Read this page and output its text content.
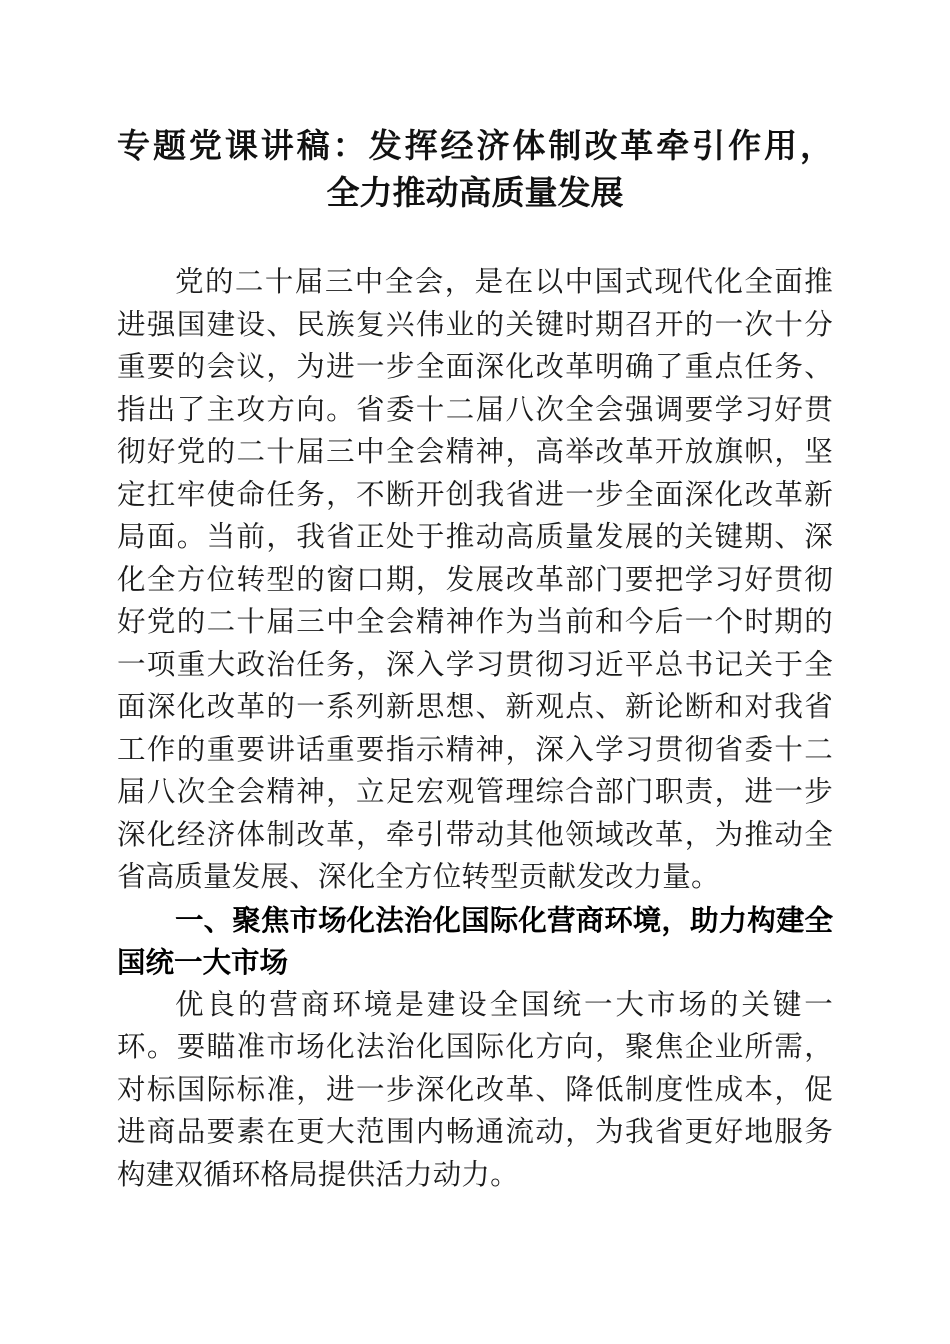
专题党课讲稿：发挥经济体制改革牵引作用，
全力推动高质量发展

党的二十届三中全会，是在以中国式现代化全面推进强国建设、民族复兴伟业的关键时期召开的一次十分重要的会议，为进一步全面深化改革明确了重点任务、指出了主攻方向。省委十二届八次全会强调要学习好贯彻好党的二十届三中全会精神，高举改革开放旗帜，坚定扛牢使命任务，不断开创我省进一步全面深化改革新局面。当前，我省正处于推动高质量发展的关键期、深化全方位转型的窗口期，发展改革部门要把学习好贯彻好党的二十届三中全会精神作为当前和今后一个时期的一项重大政治任务，深入学习贯彻习近平总书记关于全面深化改革的一系列新思想、新观点、新论断和对我省工作的重要讲话重要指示精神，深入学习贯彻省委十二届八次全会精神，立足宏观管理综合部门职责，进一步深化经济体制改革，牵引带动其他领域改革，为推动全省高质量发展、深化全方位转型贡献发改力量。

一、聚焦市场化法治化国际化营商环境，助力构建全国统一大市场

优良的营商环境是建设全国统一大市场的关键一环。要瞄准市场化法治化国际化方向，聚焦企业所需，对标国际标准，进一步深化改革、降低制度性成本，促进商品要素在更大范围内畅通流动，为我省更好地服务构建双循环格局提供活力动力。
